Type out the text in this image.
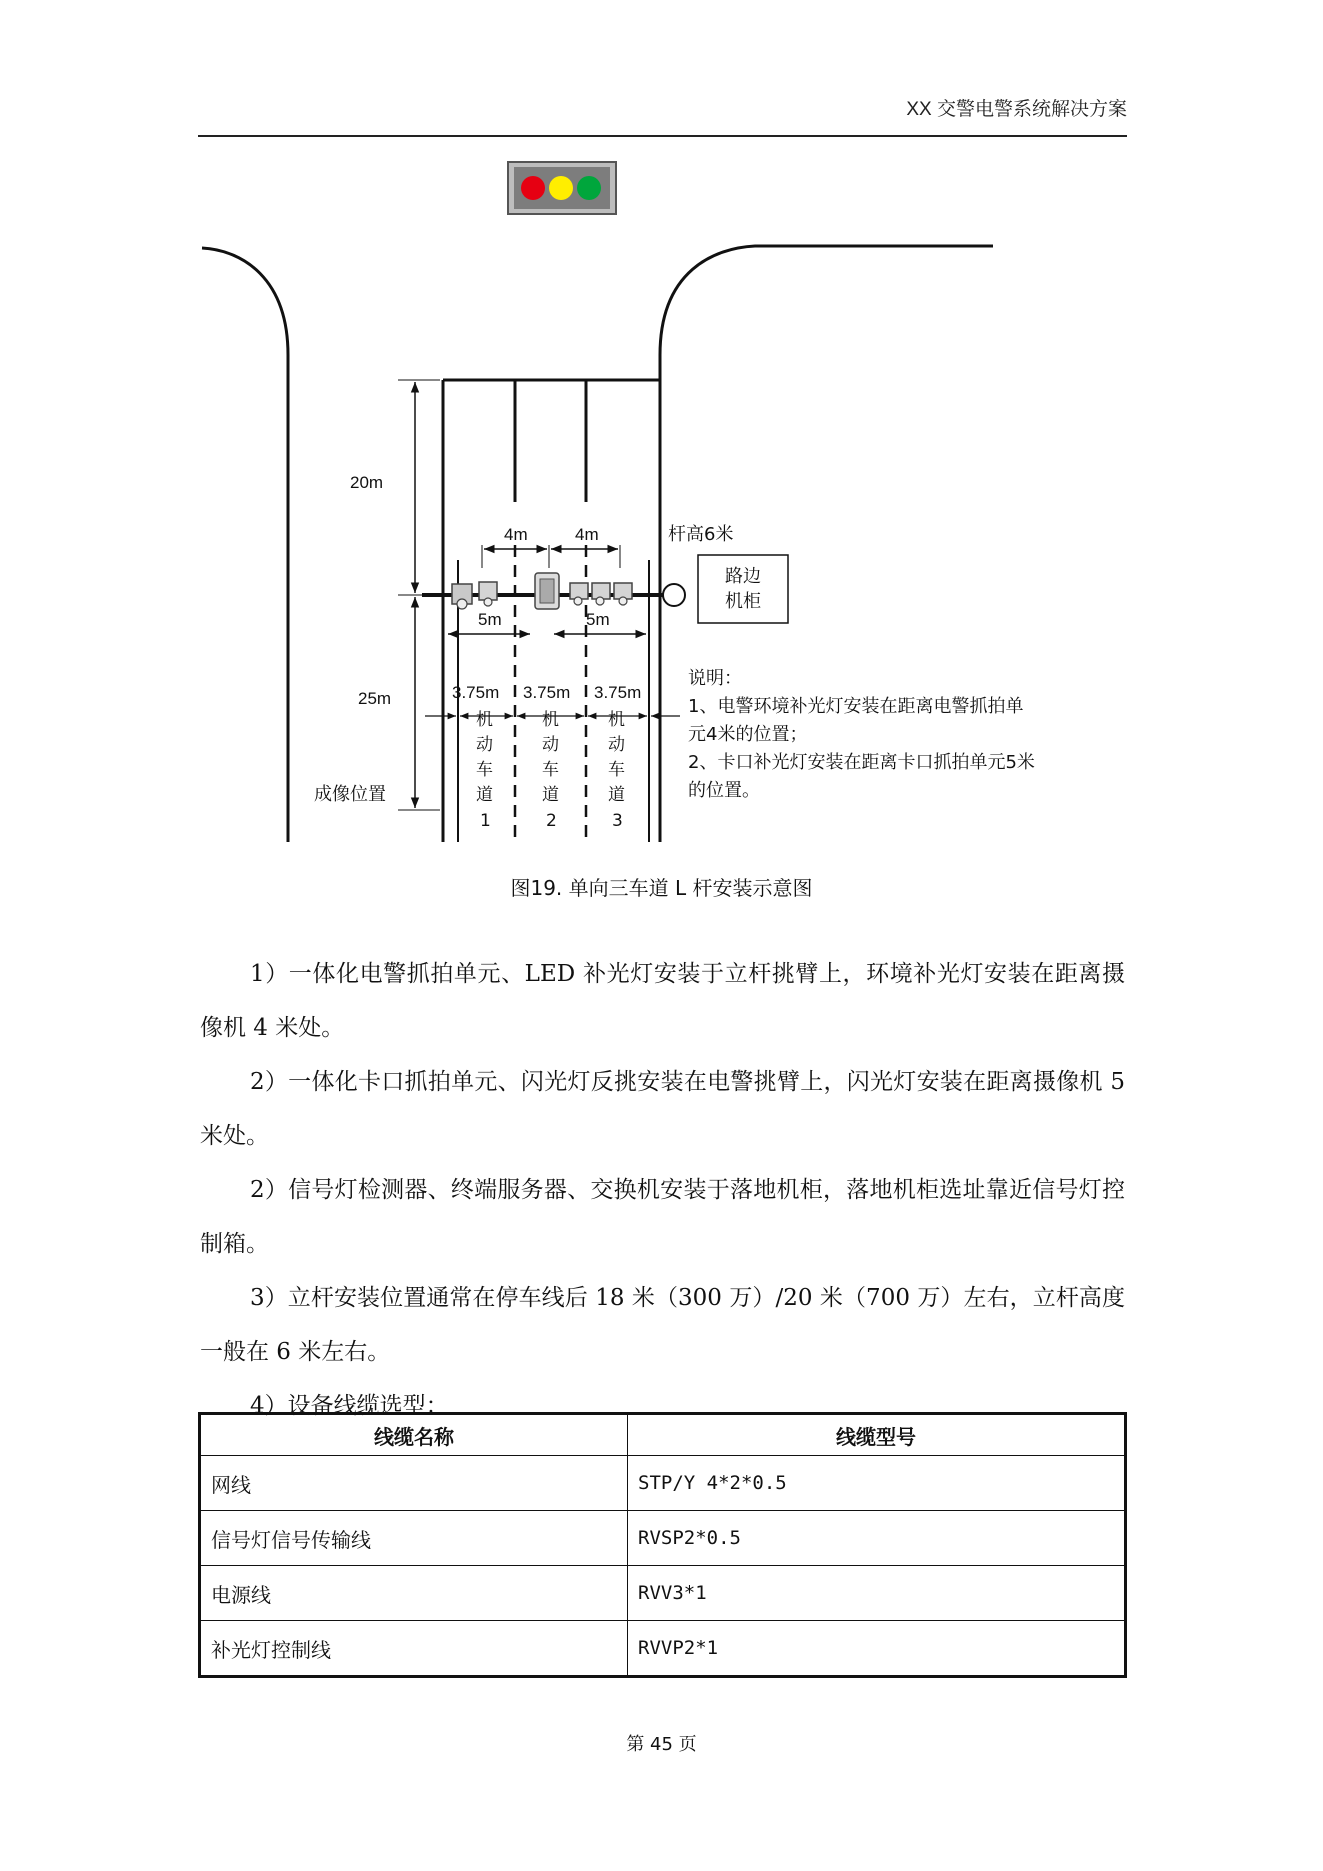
XX 交警电警系统解决方案
20m
25m
4m	4m
5m	5m
杆高6米
路边
机柜
3.75m 3.75m 3.75m
机
动
车
道
1
机
动
车
道
2
机
动
车
道
3
成像位置
说明：
1、电警环境补光灯安装在距离电警抓拍单
元4米的位置；
2、卡口补光灯安装在距离卡口抓拍单元5米
的位置。
图19. 单向三车道 L 杆安装示意图

1）一体化电警抓拍单元、LED 补光灯安装于立杆挑臂上，环境补光灯安装在距离摄像机 4 米处。

2）一体化卡口抓拍单元、闪光灯反挑安装在电警挑臂上，闪光灯安装在距离摄像机 5 米处。

2）信号灯检测器、终端服务器、交换机安装于落地机柜，落地机柜选址靠近信号灯控制箱。

3）立杆安装位置通常在停车线后 18 米（300 万）/20 米（700 万）左右，立杆高度一般在 6 米左右。

4）设备线缆选型：

线缆名称	线缆型号
网线	STP/Y 4*2*0.5
信号灯信号传输线	RVSP2*0.5
电源线	RVV3*1
补光灯控制线	RVVP2*1
第 45 页
